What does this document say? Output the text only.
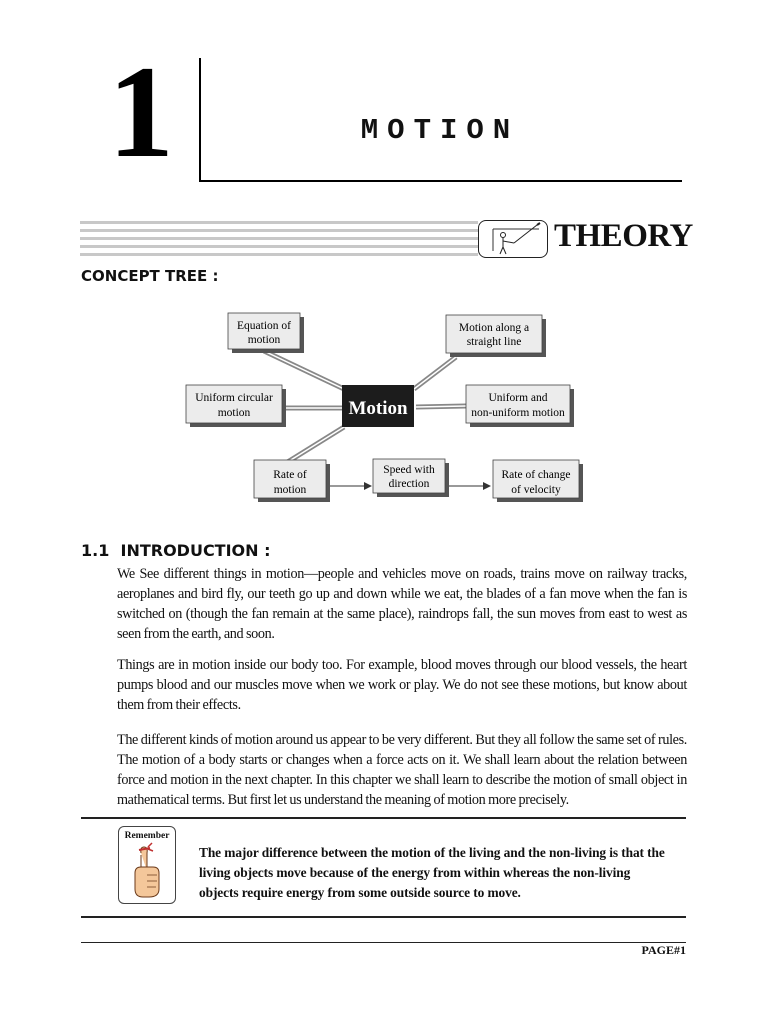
1	MOTION
THEORY
CONCEPT TREE :
Equation of
motion
Motion along a
straight line
Uniform circular
motion	Motion	Uniform and
non-uniform motion
Rate of
motion
Speed with
direction
Rate of change
of velocity
1.1  INTRODUCTION :
We See different things in motion—people and vehicles move on roads, trains move on railway tracks, aeroplanes and bird fly, our teeth go up and down while we eat, the blades of a fan move when the fan is switched on (though the fan remain at the same place), raindrops fall, the sun moves from east to west as seen from the earth, and soon.
Things are in motion inside our body too. For example, blood moves through our blood vessels, the heart pumps blood and our muscles move when we work or play. We do not see these motions, but know about them from their effects.
The different kinds of motion around us appear to be very different. But they all follow the same set of rules. The motion of a body starts or changes when a force acts on it. We shall learn about the relation between force and motion in the next chapter. In this chapter we shall learn to describe the motion of small object in mathematical terms. But first let us understand the meaning of motion more precisely.
Remember
The major difference between the motion of the living and the non-living is that the living objects move because of the energy from within whereas the non-living objects require energy from some outside source to move.
PAGE#1
